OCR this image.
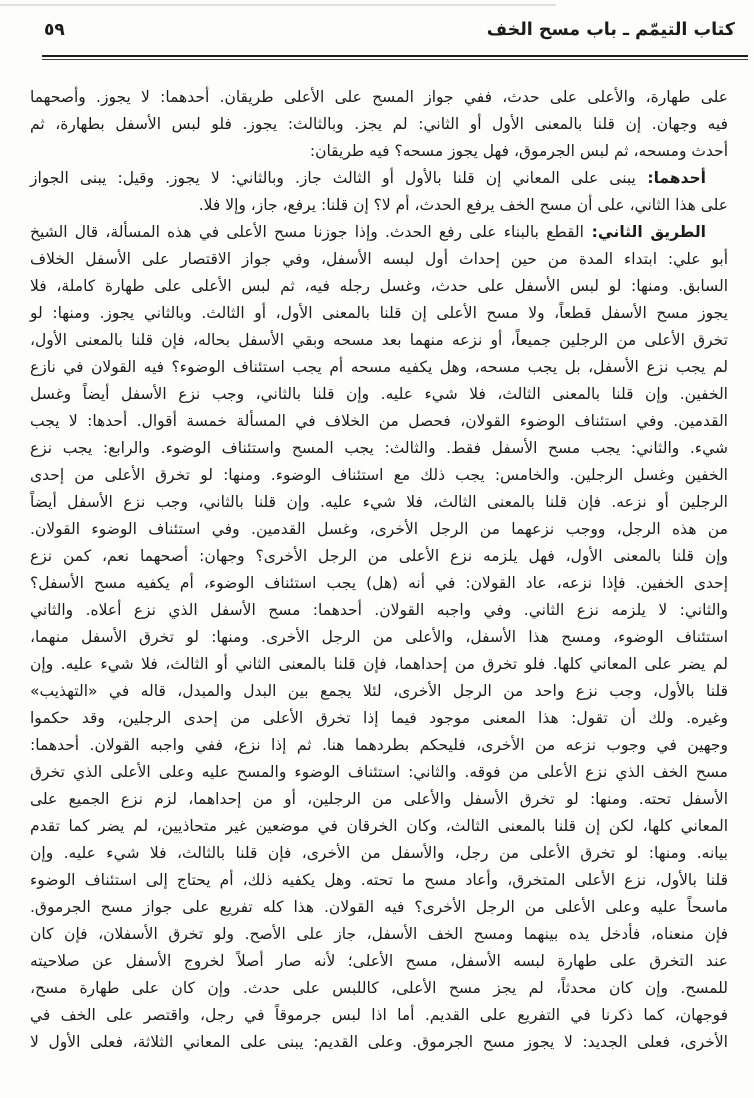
٥٩	كتاب التيمّم ـ باب مسح الخف
على طهارة، والأعلى على حدث، ففي جواز المسح على الأعلى طريقان. أحدهما: لا يجوز. وأصحهما
فيه وجهان. إن قلنا بالمعنى الأول أو الثاني: لم يجز. وبالثالث: يجوز. فلو لبس الأسفل بطهارة، ثم
أحدث ومسحه، ثم لبس الجرموق، فهل يجوز مسحه؟ فيه طريقان:
أحدهما: يبنى على المعاني إن قلنا بالأول أو الثالث جاز. وبالثاني: لا يجوز. وقيل: يبنى الجواز
على هذا الثاني، على أن مسح الخف يرفع الحدث، أم لا؟ إن قلنا: يرفع، جاز، وإلا فلا.
الطريق الثاني: القطع بالبناء على رفع الحدث. وإذا جوزنا مسح الأعلى في هذه المسألة، قال الشيخ
أبو علي: ابتداء المدة من حين إحداث أول لبسه الأسفل، وفي جواز الاقتصار على الأسفل الخلاف
السابق. ومنها: لو لبس الأسفل على حدث، وغسل رجله فيه، ثم لبس الأعلى على طهارة كاملة، فلا
يجوز مسح الأسفل قطعاً، ولا مسح الأعلى إن قلنا بالمعنى الأول، أو الثالث. وبالثاني يجوز. ومنها: لو
تخرق الأعلى من الرجلين جميعاً، أو نزعه منهما بعد مسحه وبقي الأسفل بحاله، فإن قلنا بالمعنى الأول،
لم يجب نزع الأسفل، بل يجب مسحه، وهل يكفيه مسحه أم يجب استئناف الوضوء؟ فيه القولان في نازع
الخفين. وإن قلنا بالمعنى الثالث، فلا شيء عليه. وإن قلنا بالثاني، وجب نزع الأسفل أيضاً وغسل
القدمين. وفي استئناف الوضوء القولان، فحصل من الخلاف في المسألة خمسة أقوال. أحدها: لا يجب
شيء. والثاني: يجب مسح الأسفل فقط. والثالث: يجب المسح واستئناف الوضوء. والرابع: يجب نزع
الخفين وغسل الرجلين. والخامس: يجب ذلك مع استئناف الوضوء. ومنها: لو تخرق الأعلى من إحدى
الرجلين أو نزعه. فإن قلنا بالمعنى الثالث، فلا شيء عليه. وإن قلنا بالثاني، وجب نزع الأسفل أيضاً
من هذه الرجل، ووجب نزعهما من الرجل الأخرى، وغسل القدمين. وفي استئناف الوضوء القولان.
وإن قلنا بالمعنى الأول، فهل يلزمه نزع الأعلى من الرجل الأخرى؟ وجهان: أصحهما نعم، كمن نزع
إحدى الخفين. فإذا نزعه، عاد القولان: في أنه (هل) يجب استئناف الوضوء، أم يكفيه مسح الأسفل؟
والثاني: لا يلزمه نزع الثاني. وفي واجبه القولان. أحدهما: مسح الأسفل الذي نزع أعلاه. والثاني
استئناف الوضوء، ومسح هذا الأسفل، والأعلى من الرجل الأخرى. ومنها: لو تخرق الأسفل منهما،
لم يضر على المعاني كلها. فلو تخرق من إحداهما، فإن قلنا بالمعنى الثاني أو الثالث، فلا شيء عليه. وإن
قلنا بالأول، وجب نزع واحد من الرجل الأخرى، لئلا يجمع بين البدل والمبدل، قاله في «التهذيب»
وغيره. ولك أن تقول: هذا المعنى موجود فيما إذا تخرق الأعلى من إحدى الرجلين، وقد حكموا
وجهين في وجوب نزعه من الأخرى، فليحكم بطردهما هنا. ثم إذا نزع، ففي واجبه القولان. أحدهما:
مسح الخف الذي نزع الأعلى من فوقه. والثاني: استئناف الوضوء والمسح عليه وعلى الأعلى الذي تخرق
الأسفل تحته. ومنها: لو تخرق الأسفل والأعلى من الرجلين، أو من إحداهما، لزم نزع الجميع على
المعاني كلها، لكن إن قلنا بالمعنى الثالث، وكان الخرقان في موضعين غير متحاذيين، لم يضر كما تقدم
بيانه. ومنها: لو تخرق الأعلى من رجل، والأسفل من الأخرى، فإن قلنا بالثالث، فلا شيء عليه. وإن
قلنا بالأول، نزع الأعلى المتخرق، وأعاد مسح ما تحته. وهل يكفيه ذلك، أم يحتاج إلى استئناف الوضوء
ماسحاً عليه وعلى الأعلى من الرجل الأخرى؟ فيه القولان. هذا كله تفريع على جواز مسح الجرموق.
فإن منعناه، فأدخل يده بينهما ومسح الخف الأسفل، جاز على الأصح. ولو تخرق الأسفلان، فإن كان
عند التخرق على طهارة لبسه الأسفل، مسح الأعلى؛ لأنه صار أصلاً لخروج الأسفل عن صلاحيته
للمسح. وإن كان محدثاً، لم يجز مسح الأعلى، كاللبس على حدث. وإن كان على طهارة مسح،
فوجهان، كما ذكرنا في التفريع على القديم. أما اذا لبس جرموقاً في رجل، واقتصر على الخف في
الأخرى، فعلى الجديد: لا يجوز مسح الجرموق. وعلى القديم: يبنى على المعاني الثلاثة، فعلى الأول لا
